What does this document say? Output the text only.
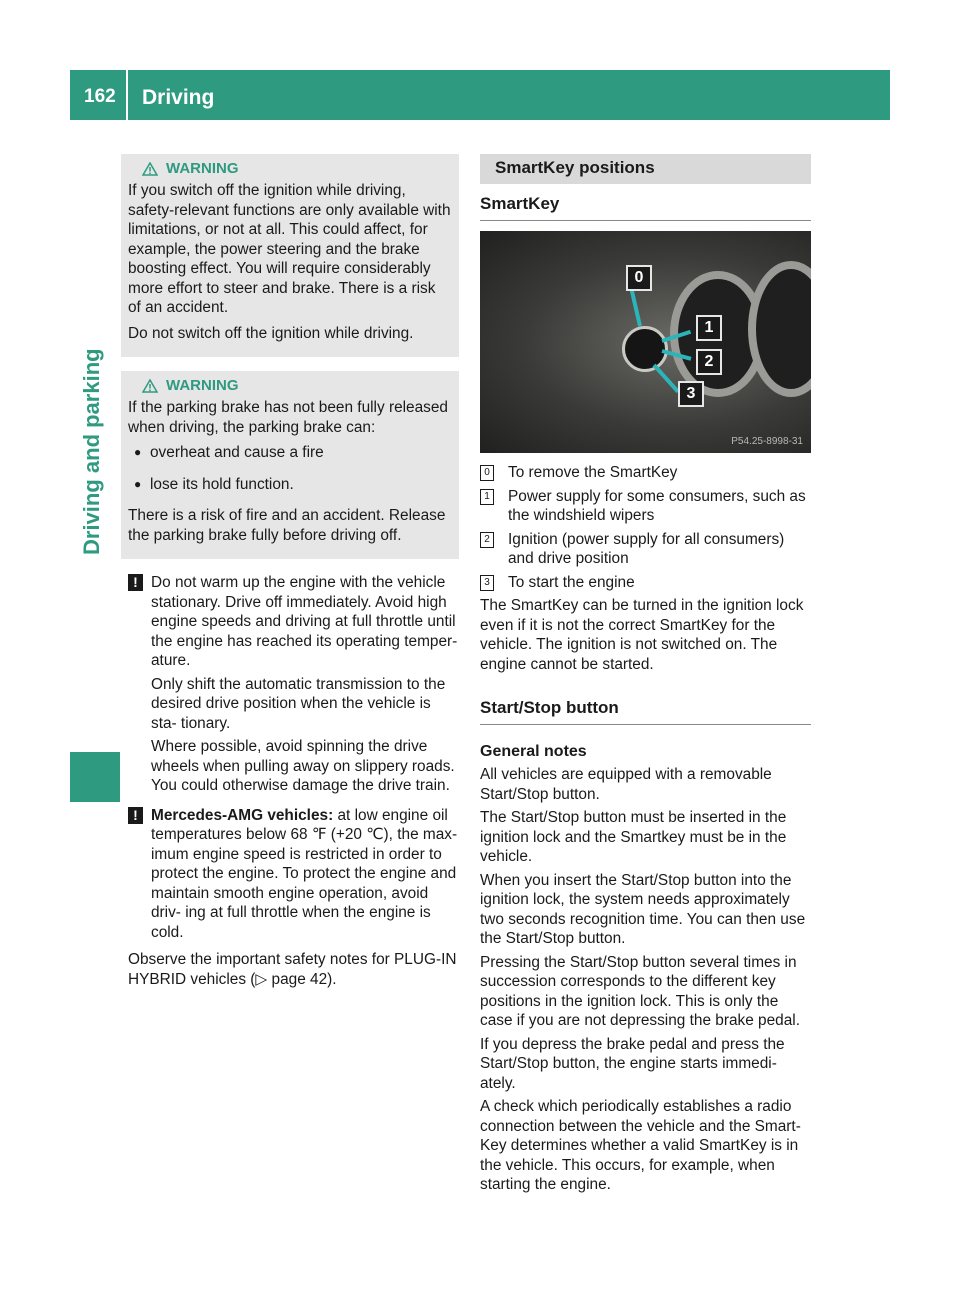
162 Driving
Driving and parking
WARNING

If you switch off the ignition while driving, safety-relevant functions are only available with limitations, or not at all. This could affect, for example, the power steering and the brake boosting effect. You will require considerably more effort to steer and brake. There is a risk of an accident.

Do not switch off the ignition while driving.

WARNING

If the parking brake has not been fully released when driving, the parking brake can:

● overheat and cause a fire

● lose its hold function.

There is a risk of fire and an accident. Release the parking brake fully before driving off.

! Do not warm up the engine with the vehicle stationary. Drive off immediately. Avoid high engine speeds and driving at full throttle until the engine has reached its operating temper- ature.

Only shift the automatic transmission to the desired drive position when the vehicle is sta- tionary.

Where possible, avoid spinning the drive wheels when pulling away on slippery roads. You could otherwise damage the drive train.

! Mercedes-AMG vehicles: at low engine oil temperatures below 68 ℉ (+20 ℃), the max- imum engine speed is restricted in order to protect the engine. To protect the engine and maintain smooth engine operation, avoid driv- ing at full throttle when the engine is cold.

Observe the important safety notes for PLUG-IN HYBRID vehicles (▷ page 42).

SmartKey positions
SmartKey
0
1
2
3
P54.25-8998-31
0 To remove the SmartKey

1 Power supply for some consumers, such as the windshield wipers

2 Ignition (power supply for all consumers) and drive position

3 To start the engine

The SmartKey can be turned in the ignition lock even if it is not the correct SmartKey for the vehicle. The ignition is not switched on. The engine cannot be started.

Start/Stop button
General notes

All vehicles are equipped with a removable Start/Stop button.

The Start/Stop button must be inserted in the ignition lock and the Smartkey must be in the vehicle.

When you insert the Start/Stop button into the ignition lock, the system needs approximately two seconds recognition time. You can then use the Start/Stop button.

Pressing the Start/Stop button several times in succession corresponds to the different key positions in the ignition lock. This is only the case if you are not depressing the brake pedal.

If you depress the brake pedal and press the Start/Stop button, the engine starts immedi- ately.

A check which periodically establishes a radio connection between the vehicle and the Smart- Key determines whether a valid SmartKey is in the vehicle. This occurs, for example, when starting the engine.
